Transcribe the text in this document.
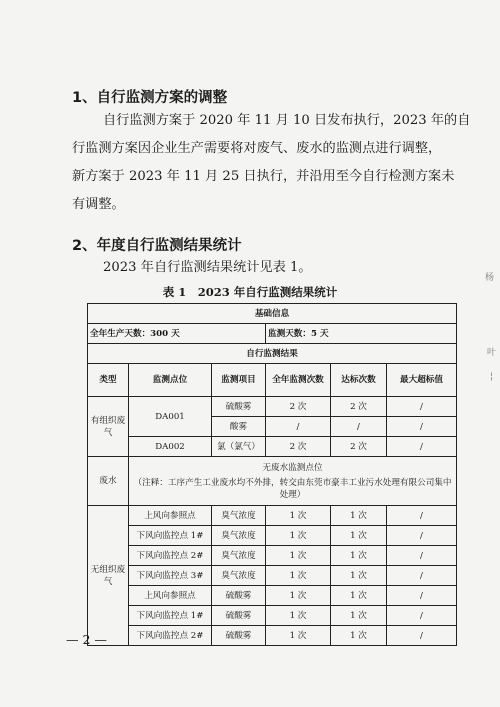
1、自行监测方案的调整
自行监测方案于 2020 年 11 月 10 日发布执行，2023 年的自
行监测方案因企业生产需要将对废气、废水的监测点进行调整，
新方案于 2023 年 11 月 25 日执行，并沿用至今自行检测方案未
有调整。
2、年度自行监测结果统计
2023 年自行监测结果统计见表 1。
表 1　2023 年自行监测结果统计
基础信息					
全年生产天数：300 天			监测天数：5 天		
自行监测结果					
类型	监测点位	监测项目	全年监测次数	达标次数	最大超标值
有组织废气	DA001	硫酸雾	2 次	2 次	/
		酸雾	/	/	/
	DA002	氯（氯气）	2 次	2 次	/
废水	无废水监测点位
（注释：工序产生工业废水均不外排，转交由东莞市豪丰工业污水处理有限公司集中处理）				

无组织废气	上风向参照点	臭气浓度	1 次	1 次	/
	下风向监控点 1#	臭气浓度	1 次	1 次	/
	下风向监控点 2#	臭气浓度	1 次	1 次	/
	下风向监控点 3#	臭气浓度	1 次	1 次	/
	上风向参照点	硫酸雾	1 次	1 次	/
	下风向监控点 1#	硫酸雾	1 次	1 次	/
	下风向监控点 2#	硫酸雾	1 次	1 次	/
— 2 —
杨
叶
¦
